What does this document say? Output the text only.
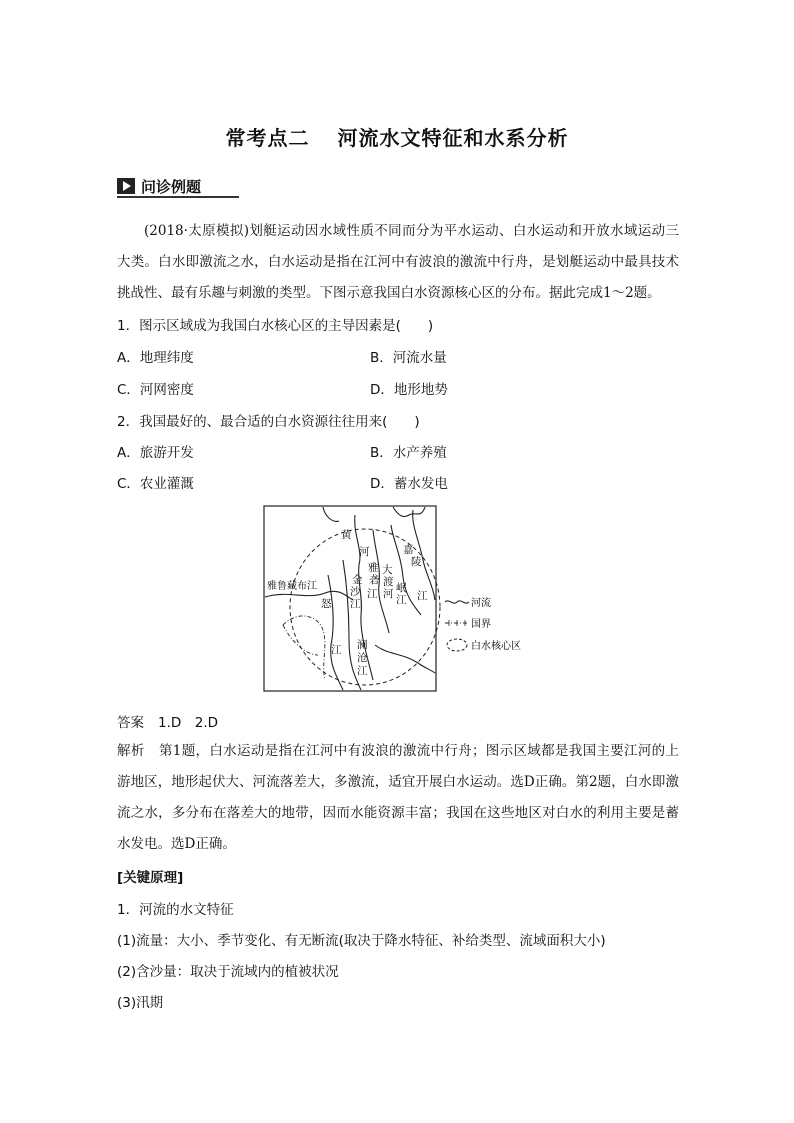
常考点二 河流水文特征和水系分析
问诊例题
(2018·太原模拟)划艇运动因水域性质不同而分为平水运动、白水运动和开放水域运动三大类。白水即激流之水，白水运动是指在江河中有波浪的激流中行舟，是划艇运动中最具技术挑战性、最有乐趣与刺激的类型。下图示意我国白水资源核心区的分布。据此完成1～2题。
1．图示区域成为我国白水核心区的主导因素是(　　)
A．地理纬度	B．河流水量
C．河网密度	D．地形地势
2．我国最好的、最合适的白水资源往往用来(　　)
A．旅游开发	B．水产养殖
C．农业灌溉	D．蓄水发电
黄
河
雅
砻
江
金
沙
江
大
渡
河 岷
江
嘉
陵
江
雅鲁藏布江
怒
江 澜
沧
江
河流
国界
白水核心区
答案 1.D　2.D
解析 第1题，白水运动是指在江河中有波浪的激流中行舟；图示区域都是我国主要江河的上游地区，地形起伏大、河流落差大，多激流，适宜开展白水运动。选D正确。第2题，白水即激流之水，多分布在落差大的地带，因而水能资源丰富；我国在这些地区对白水的利用主要是蓄水发电。选D正确。
[关键原理]
1．河流的水文特征
(1)流量：大小、季节变化、有无断流(取决于降水特征、补给类型、流域面积大小)
(2)含沙量：取决于流域内的植被状况
(3)汛期
